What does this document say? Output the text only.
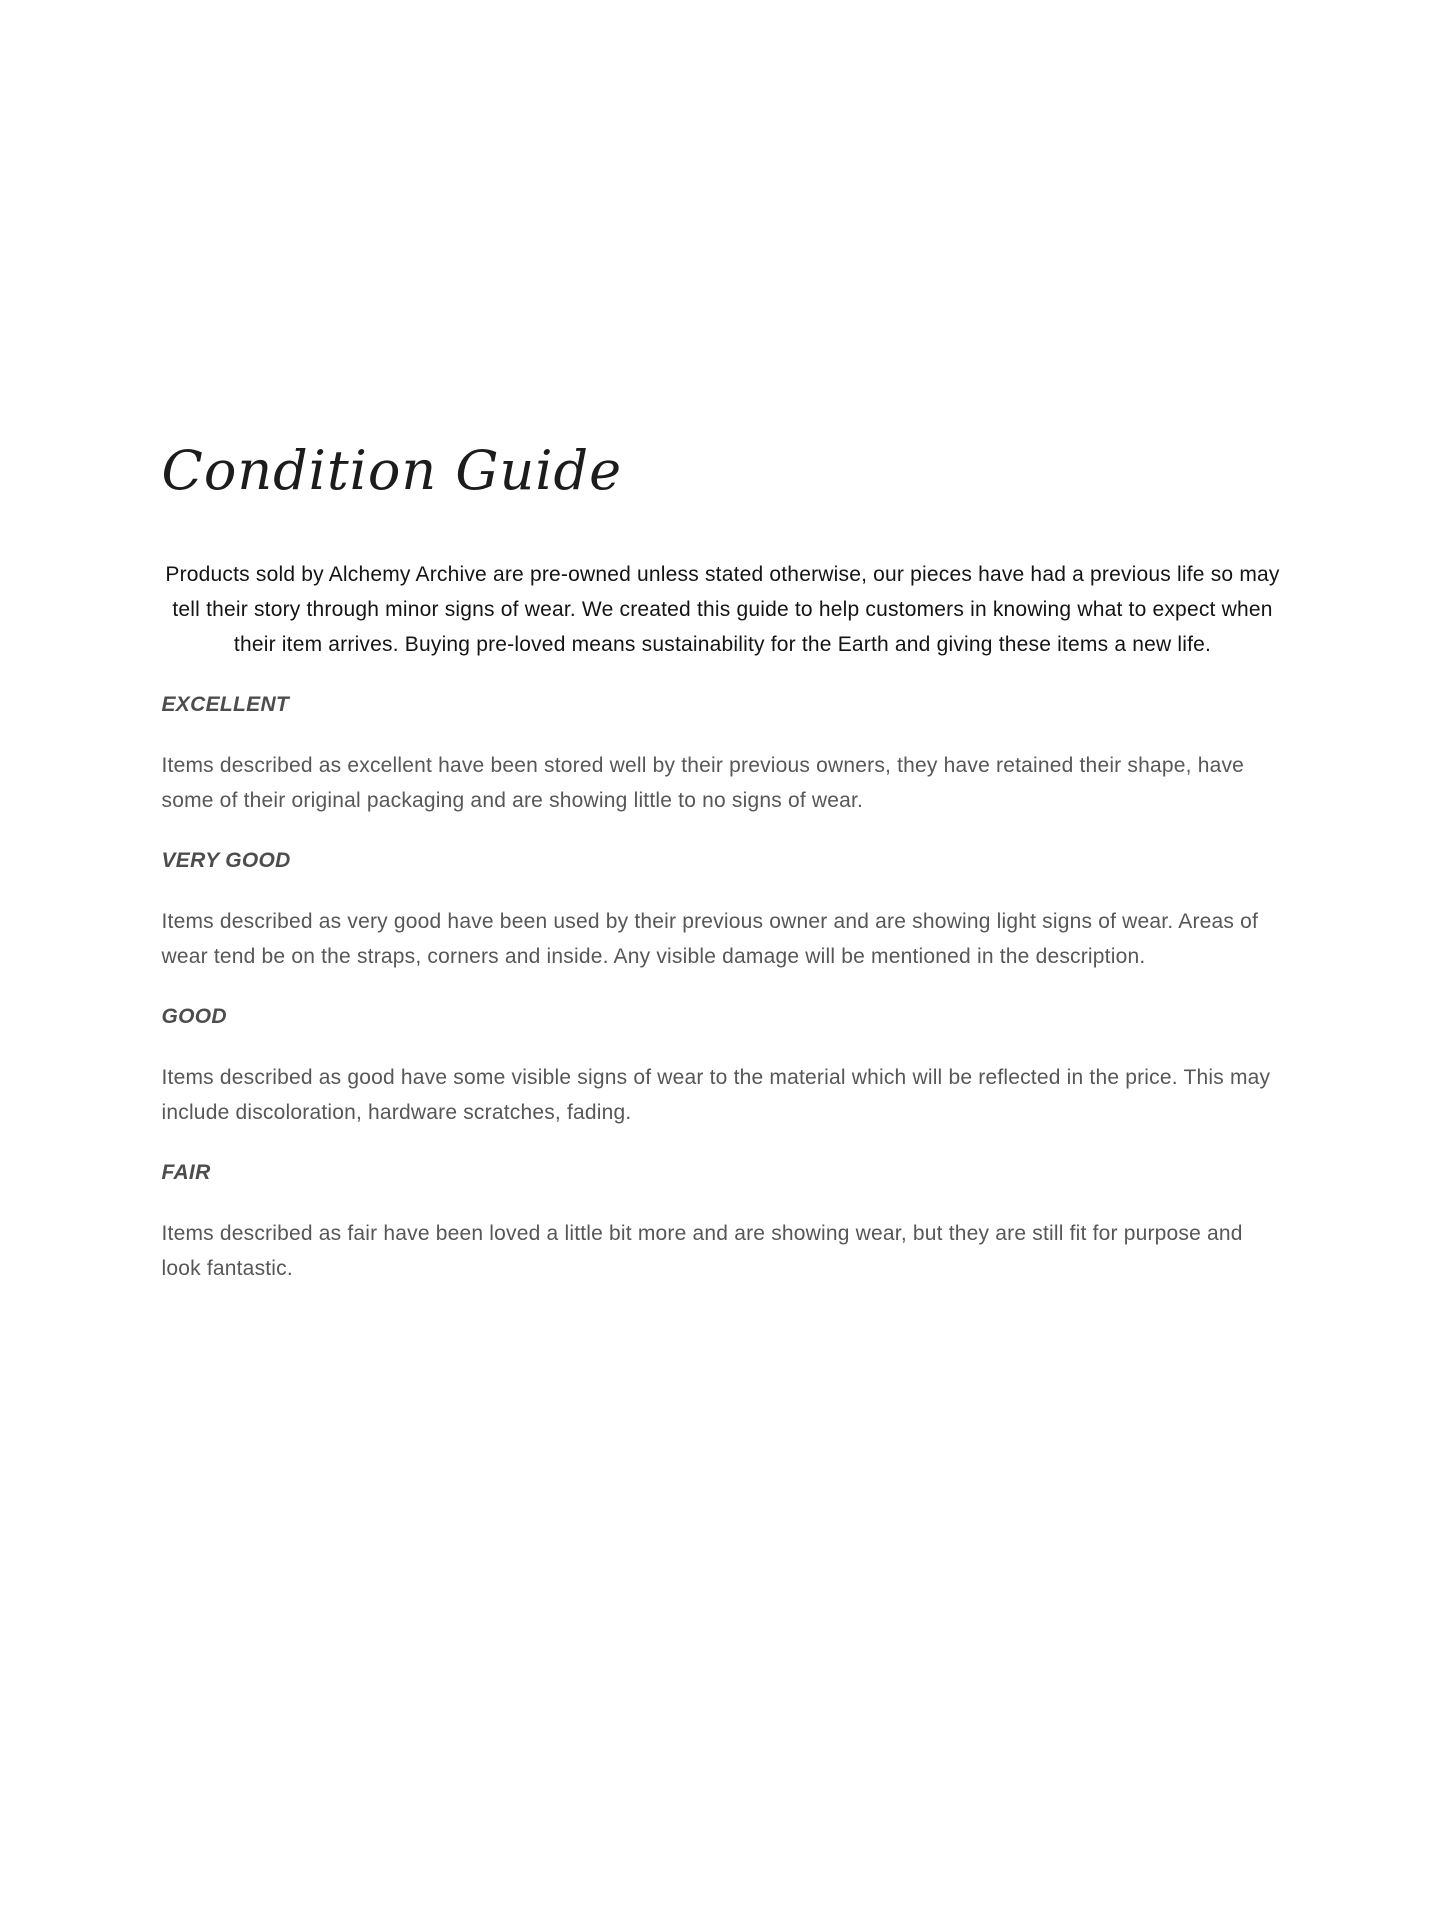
Condition Guide

Products sold by Alchemy Archive are pre-owned unless stated otherwise, our pieces have had a previous life so may tell their story through minor signs of wear. We created this guide to help customers in knowing what to expect when their item arrives. Buying pre-loved means sustainability for the Earth and giving these items a new life.

EXCELLENT

Items described as excellent have been stored well by their previous owners, they have retained their shape, have some of their original packaging and are showing little to no signs of wear.

VERY GOOD

Items described as very good have been used by their previous owner and are showing light signs of wear. Areas of wear tend be on the straps, corners and inside. Any visible damage will be mentioned in the description.

GOOD

Items described as good have some visible signs of wear to the material which will be reflected in the price. This may include discoloration, hardware scratches, fading.

FAIR

Items described as fair have been loved a little bit more and are showing wear, but they are still fit for purpose and look fantastic.
